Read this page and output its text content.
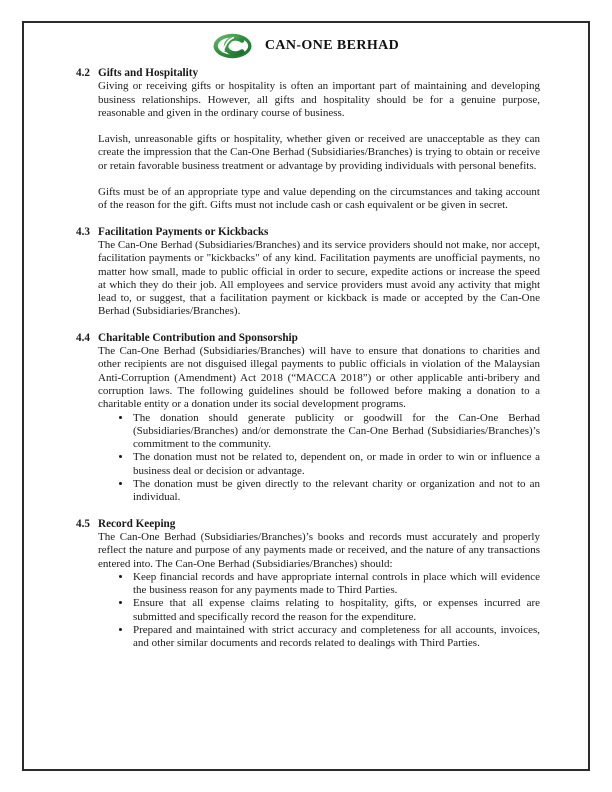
CAN-ONE BERHAD
4.2 Gifts and Hospitality

Giving or receiving gifts or hospitality is often an important part of maintaining and developing business relationships. However, all gifts and hospitality should be for a genuine purpose, reasonable and given in the ordinary course of business.

Lavish, unreasonable gifts or hospitality, whether given or received are unacceptable as they can create the impression that the Can-One Berhad (Subsidiaries/Branches) is trying to obtain or receive or retain favorable business treatment or advantage by providing individuals with personal benefits.

Gifts must be of an appropriate type and value depending on the circumstances and taking account of the reason for the gift. Gifts must not include cash or cash equivalent or be given in secret.

4.3 Facilitation Payments or Kickbacks

The Can-One Berhad (Subsidiaries/Branches) and its service providers should not make, nor accept, facilitation payments or "kickbacks" of any kind. Facilitation payments are unofficial payments, no matter how small, made to public official in order to secure, expedite actions or increase the speed at which they do their job. All employees and service providers must avoid any activity that might lead to, or suggest, that a facilitation payment or kickback is made or accepted by the Can-One Berhad (Subsidiaries/Branches).

4.4 Charitable Contribution and Sponsorship

The Can-One Berhad (Subsidiaries/Branches) will have to ensure that donations to charities and other recipients are not disguised illegal payments to public officials in violation of the Malaysian Anti-Corruption (Amendment) Act 2018 (“MACCA 2018”) or other applicable anti-bribery and corruption laws. The following guidelines should be followed before making a donation to a charitable entity or a donation under its social development programs.

• The donation should generate publicity or goodwill for the Can-One Berhad (Subsidiaries/Branches) and/or demonstrate the Can-One Berhad (Subsidiaries/Branches)’s commitment to the community.
• The donation must not be related to, dependent on, or made in order to win or influence a business deal or decision or advantage.
• The donation must be given directly to the relevant charity or organization and not to an individual.
4.5 Record Keeping

The Can-One Berhad (Subsidiaries/Branches)’s books and records must accurately and properly reflect the nature and purpose of any payments made or received, and the nature of any transactions entered into. The Can-One Berhad (Subsidiaries/Branches) should:

• Keep financial records and have appropriate internal controls in place which will evidence the business reason for any payments made to Third Parties.
• Ensure that all expense claims relating to hospitality, gifts, or expenses incurred are submitted and specifically record the reason for the expenditure.
• Prepared and maintained with strict accuracy and completeness for all accounts, invoices, and other similar documents and records related to dealings with Third Parties.
